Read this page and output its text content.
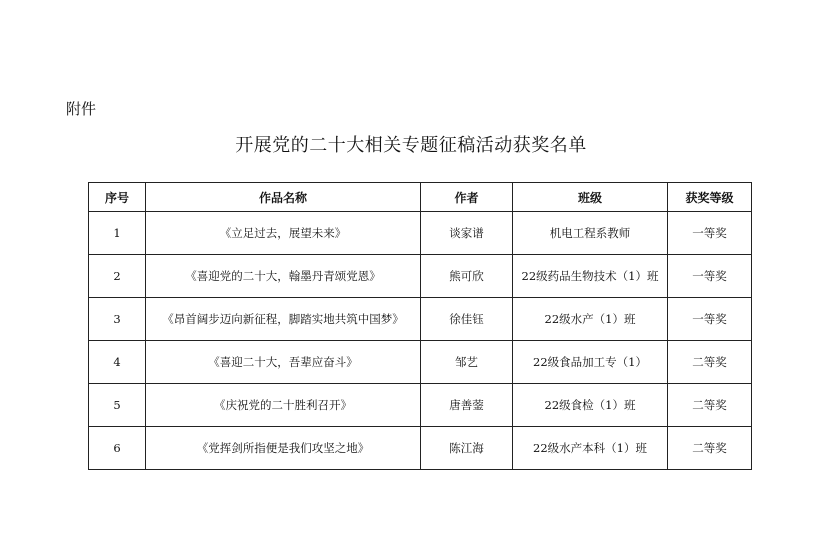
附件
开展党的二十大相关专题征稿活动获奖名单
序号	作品名称	作者	班级	获奖等级
1	《立足过去，展望未来》	谈家谱	机电工程系教师	一等奖
2	《喜迎党的二十大，翰墨丹青颂党恩》	熊可欣	22级药品生物技术（1）班	一等奖
3	《昂首阔步迈向新征程，脚踏实地共筑中国梦》	徐佳钰	22级水产（1）班	一等奖
4	《喜迎二十大，吾辈应奋斗》	邹艺	22级食品加工专（1）	二等奖
5	《庆祝党的二十胜利召开》	唐善蓥	22级食检（1）班	二等奖
6	《党挥剑所指便是我们攻坚之地》	陈江海	22级水产本科（1）班	二等奖
